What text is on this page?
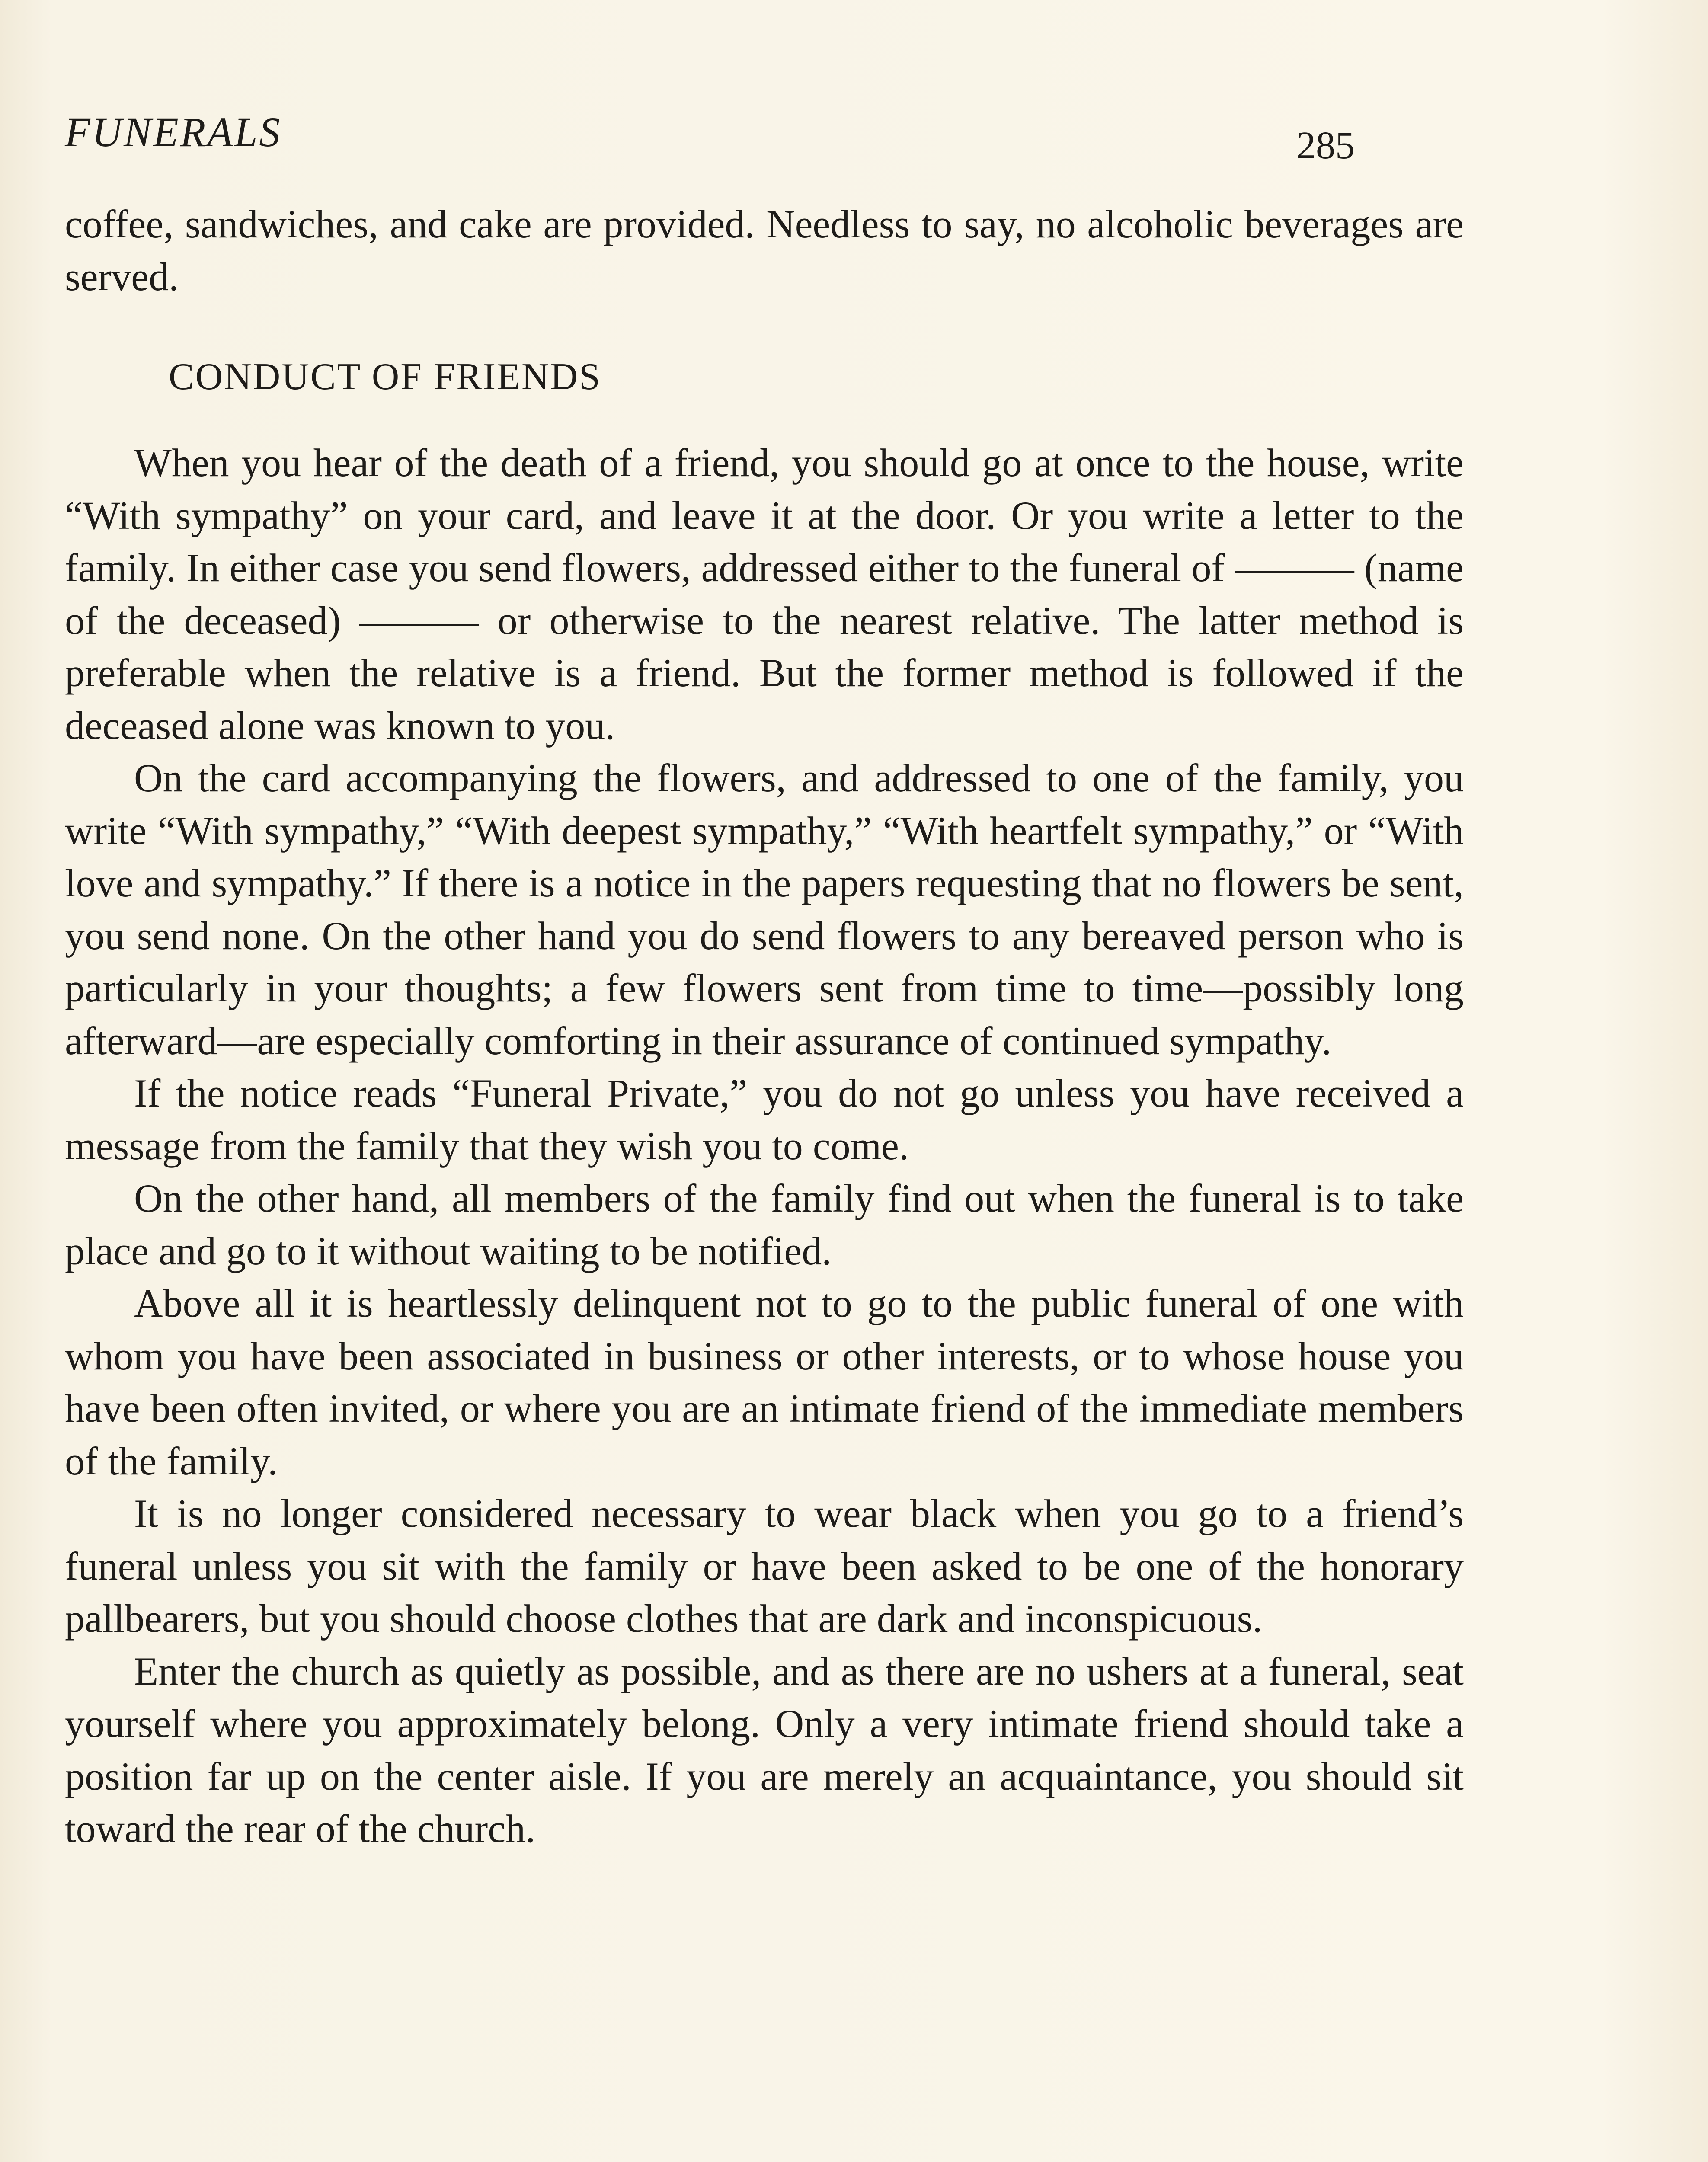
FUNERALS	285

coffee, sandwiches, and cake are provided. Needless to say, no alcoholic beverages are served.

CONDUCT OF FRIENDS

When you hear of the death of a friend, you should go at once to the house, write “With sympathy” on your card, and leave it at the door. Or you write a letter to the family. In either case you send flowers, addressed either to the funeral of ——— (name of the deceased) ——— or otherwise to the nearest relative. The latter method is preferable when the relative is a friend. But the former method is followed if the deceased alone was known to you.

On the card accompanying the flowers, and addressed to one of the family, you write “With sympathy,” “With deepest sympathy,” “With heartfelt sympathy,” or “With love and sympathy.” If there is a notice in the papers requesting that no flowers be sent, you send none. On the other hand you do send flowers to any bereaved person who is particularly in your thoughts; a few flowers sent from time to time—possibly long afterward—are especially comforting in their assurance of continued sympathy.

If the notice reads “Funeral Private,” you do not go unless you have received a message from the family that they wish you to come.

On the other hand, all members of the family find out when the funeral is to take place and go to it without waiting to be notified.

Above all it is heartlessly delinquent not to go to the public funeral of one with whom you have been associated in business or other interests, or to whose house you have been often invited, or where you are an intimate friend of the immediate members of the family.

It is no longer considered necessary to wear black when you go to a friend’s funeral unless you sit with the family or have been asked to be one of the honorary pallbearers, but you should choose clothes that are dark and inconspicuous.

Enter the church as quietly as possible, and as there are no ushers at a funeral, seat yourself where you approximately belong. Only a very intimate friend should take a position far up on the center aisle. If you are merely an acquaintance, you should sit toward the rear of the church.
